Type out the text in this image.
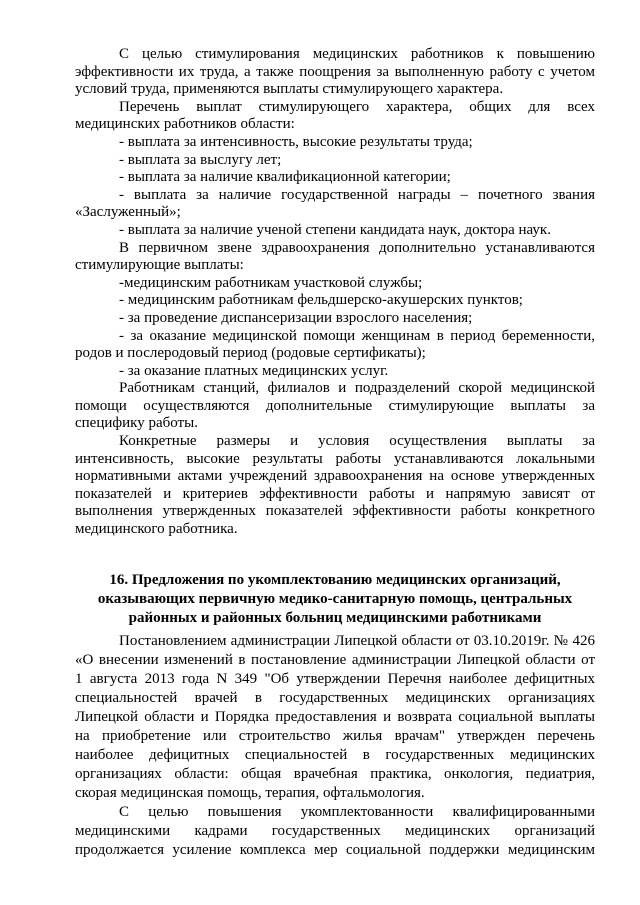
С целью стимулирования медицинских работников к повышению
эффективности их труда, а также поощрения за выполненную работу с учетом
условий труда, применяются выплаты стимулирующего характера.
Перечень выплат стимулирующего характера, общих для всех
медицинских работников области:
- выплата за интенсивность, высокие результаты труда;
- выплата за выслугу лет;
- выплата за наличие квалификационной категории;
- выплата за наличие государственной награды – почетного звания
«Заслуженный»;
- выплата за наличие ученой степени кандидата наук, доктора наук.
В первичном звене здравоохранения дополнительно устанавливаются
стимулирующие выплаты:
-медицинским работникам участковой службы;
- медицинским работникам фельдшерско-акушерских пунктов;
- за проведение диспансеризации взрослого населения;
- за оказание медицинской помощи женщинам в период беременности,
родов и послеродовый период (родовые сертификаты);
- за оказание платных медицинских услуг.
Работникам станций, филиалов и подразделений скорой медицинской
помощи осуществляются дополнительные стимулирующие выплаты за
специфику работы.
Конкретные размеры и условия осуществления выплаты за
интенсивность, высокие результаты работы устанавливаются локальными
нормативными актами учреждений здравоохранения на основе утвержденных
показателей и критериев эффективности работы и напрямую зависят от
выполнения утвержденных показателей эффективности работы конкретного
медицинского работника.
16. Предложения по укомплектованию медицинских организаций,
оказывающих первичную медико-санитарную помощь, центральных
районных и районных больниц медицинскими работниками
Постановлением администрации Липецкой области от 03.10.2019г. № 426
«О внесении изменений в постановление администрации Липецкой области от
1 августа 2013 года N 349 "Об утверждении Перечня наиболее дефицитных
специальностей врачей в государственных медицинских организациях
Липецкой области и Порядка предоставления и возврата социальной выплаты
на приобретение или строительство жилья врачам" утвержден перечень
наиболее дефицитных специальностей в государственных медицинских
организациях области: общая врачебная практика, онкология, педиатрия,
скорая медицинская помощь, терапия, офтальмология.
С целью повышения укомплектованности квалифицированными
медицинскими кадрами государственных медицинских организаций
продолжается усиление комплекса мер социальной поддержки медицинским
